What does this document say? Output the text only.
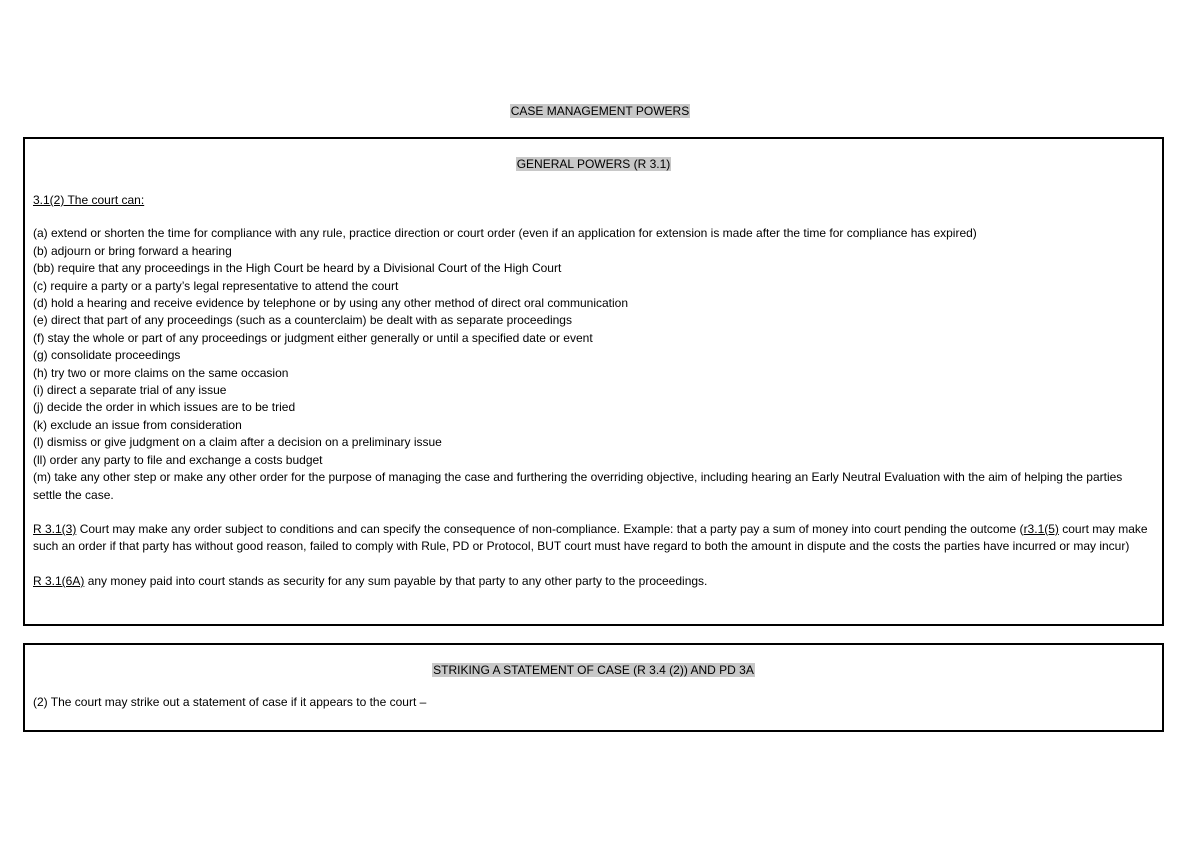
CASE MANAGEMENT POWERS
GENERAL POWERS (R 3.1)
3.1(2) The court can:
(a) extend or shorten the time for compliance with any rule, practice direction or court order (even if an application for extension is made after the time for compliance has expired)
(b) adjourn or bring forward a hearing
(bb) require that any proceedings in the High Court be heard by a Divisional Court of the High Court
(c) require a party or a party’s legal representative to attend the court
(d) hold a hearing and receive evidence by telephone or by using any other method of direct oral communication
(e) direct that part of any proceedings (such as a counterclaim) be dealt with as separate proceedings
(f) stay the whole or part of any proceedings or judgment either generally or until a specified date or event
(g) consolidate proceedings
(h) try two or more claims on the same occasion
(i) direct a separate trial of any issue
(j) decide the order in which issues are to be tried
(k) exclude an issue from consideration
(l) dismiss or give judgment on a claim after a decision on a preliminary issue
(ll) order any party to file and exchange a costs budget
(m) take any other step or make any other order for the purpose of managing the case and furthering the overriding objective, including hearing an Early Neutral Evaluation with the aim of helping the parties settle the case.
R 3.1(3) Court may make any order subject to conditions and can specify the consequence of non-compliance. Example: that a party pay a sum of money into court pending the outcome (r3.1(5) court may make such an order if that party has without good reason, failed to comply with Rule, PD or Protocol, BUT court must have regard to both the amount in dispute and the costs the parties have incurred or may incur)
R 3.1(6A) any money paid into court stands as security for any sum payable by that party to any other party to the proceedings.
STRIKING A STATEMENT OF CASE (R 3.4 (2)) AND PD 3A
(2) The court may strike out a statement of case if it appears to the court –
